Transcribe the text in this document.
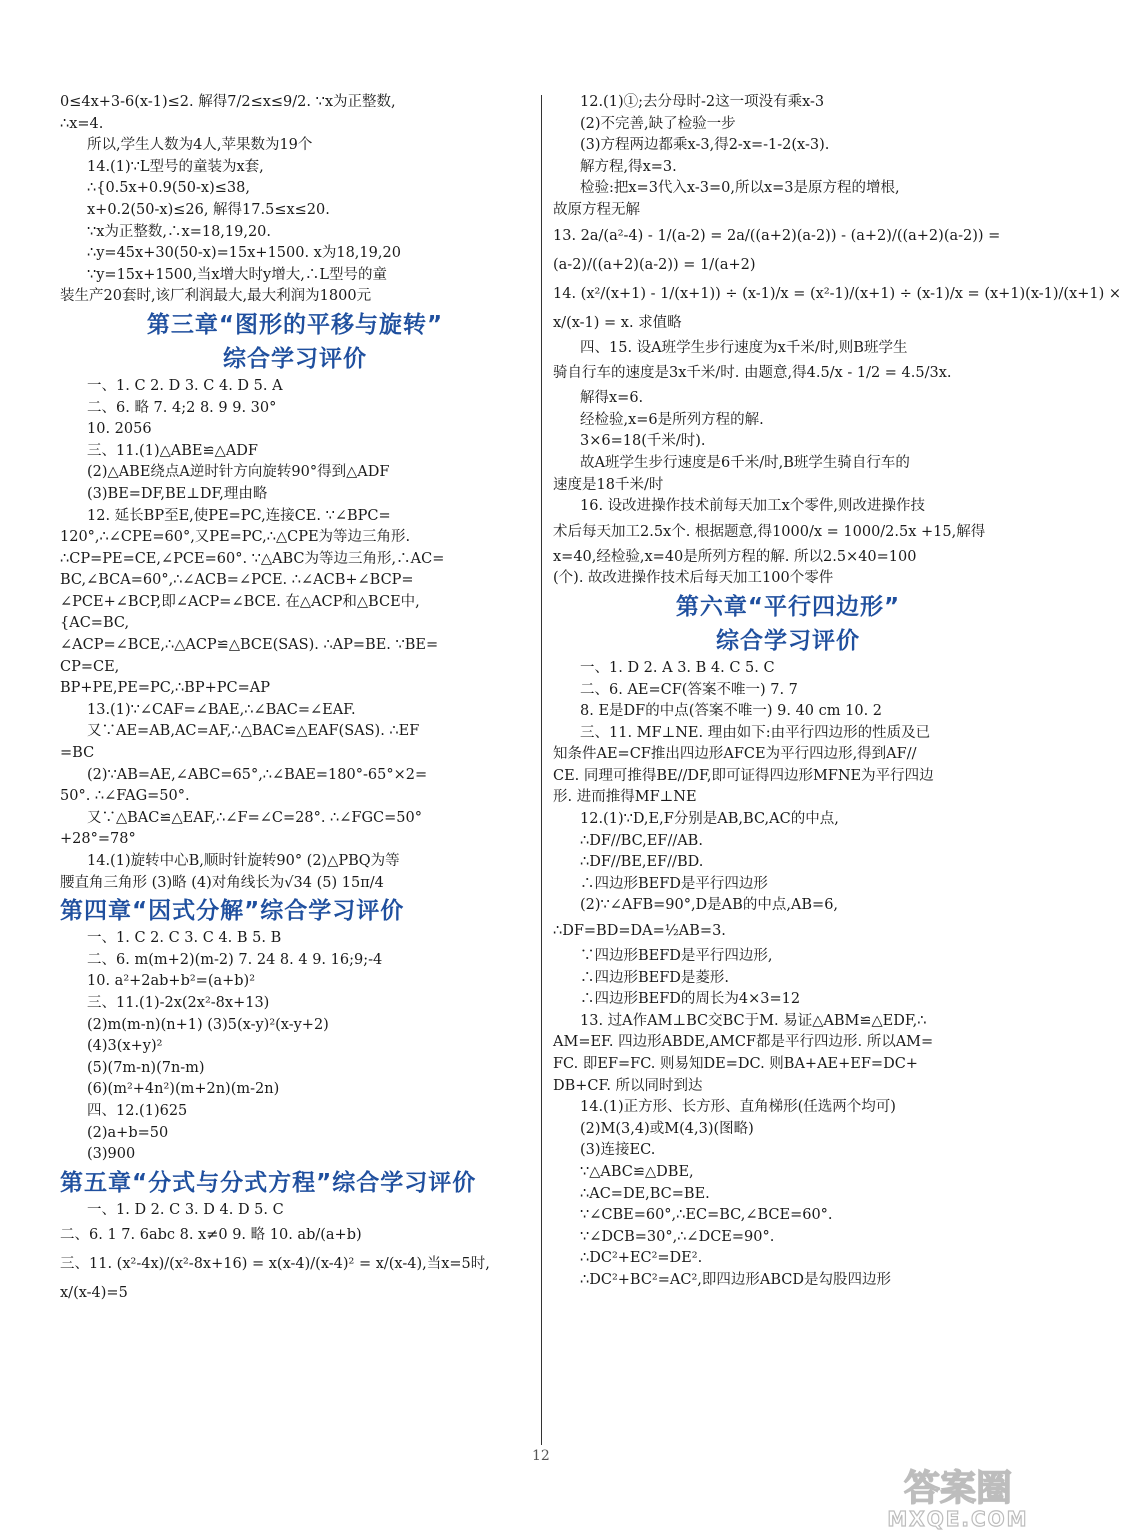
0≤4x+3-6(x-1)≤2. 解得7/2≤x≤9/2. ∵x为正整数,
∴x=4.
所以,学生人数为4人,苹果数为19个
14.(1)∵L型号的童装为x套,
∴{0.5x+0.9(50-x)≤38,
x+0.2(50-x)≤26, 解得17.5≤x≤20.
∵x为正整数,∴x=18,19,20.
∴y=45x+30(50-x)=15x+1500. x为18,19,20
∵y=15x+1500,当x增大时y增大,∴L型号的童
装生产20套时,该厂利润最大,最大利润为1800元
第三章“图形的平移与旋转”
综合学习评价
一、1. C 2. D 3. C 4. D 5. A
二、6. 略 7. 4;2 8. 9 9. 30°
10. 2056
三、11.(1)△ABE≌△ADF
(2)△ABE绕点A逆时针方向旋转90°得到△ADF
(3)BE=DF,BE⊥DF,理由略
12. 延长BP至E,使PE=PC,连接CE. ∵∠BPC=
120°,∴∠CPE=60°,又PE=PC,∴△CPE为等边三角形.
∴CP=PE=CE,∠PCE=60°. ∵△ABC为等边三角形,∴AC=
BC,∠BCA=60°,∴∠ACB=∠PCE. ∴∠ACB+∠BCP=
∠PCE+∠BCP,即∠ACP=∠BCE. 在△ACP和△BCE中,
{AC=BC,
∠ACP=∠BCE,∴△ACP≌△BCE(SAS). ∴AP=BE. ∵BE=
CP=CE,
BP+PE,PE=PC,∴BP+PC=AP
13.(1)∵∠CAF=∠BAE,∴∠BAC=∠EAF.
又∵AE=AB,AC=AF,∴△BAC≌△EAF(SAS). ∴EF
=BC
(2)∵AB=AE,∠ABC=65°,∴∠BAE=180°-65°×2=
50°. ∴∠FAG=50°.
又∵△BAC≌△EAF,∴∠F=∠C=28°. ∴∠FGC=50°
+28°=78°
14.(1)旋转中心B,顺时针旋转90° (2)△PBQ为等
腰直角三角形 (3)略 (4)对角线长为√34 (5) 15π/4
第四章“因式分解”综合学习评价
一、1. C 2. C 3. C 4. B 5. B
二、6. m(m+2)(m-2) 7. 24 8. 4 9. 16;9;-4
10. a²+2ab+b²=(a+b)²
三、11.(1)-2x(2x²-8x+13)
(2)m(m-n)(n+1) (3)5(x-y)²(x-y+2)
(4)3(x+y)²
(5)(7m-n)(7n-m)
(6)(m²+4n²)(m+2n)(m-2n)
四、12.(1)625
(2)a+b=50
(3)900
第五章“分式与分式方程”综合学习评价
一、1. D 2. C 3. D 4. D 5. C
二、6. 1 7. 6abc 8. x≠0 9. 略 10. ab/(a+b)
三、11. (x²-4x)/(x²-8x+16) = x(x-4)/(x-4)² = x/(x-4),当x=5时,
x/(x-4)=5
12.(1)①;去分母时-2这一项没有乘x-3
(2)不完善,缺了检验一步
(3)方程两边都乘x-3,得2-x=-1-2(x-3).
解方程,得x=3.
检验:把x=3代入x-3=0,所以x=3是原方程的增根,
故原方程无解
13. 2a/(a²-4) - 1/(a-2) = 2a/((a+2)(a-2)) - (a+2)/((a+2)(a-2)) =
(a-2)/((a+2)(a-2)) = 1/(a+2)
14. (x²/(x+1) - 1/(x+1)) ÷ (x-1)/x = (x²-1)/(x+1) ÷ (x-1)/x = (x+1)(x-1)/(x+1) ×
x/(x-1) = x. 求值略
四、15. 设A班学生步行速度为x千米/时,则B班学生
骑自行车的速度是3x千米/时. 由题意,得4.5/x - 1/2 = 4.5/3x.
解得x=6.
经检验,x=6是所列方程的解.
3×6=18(千米/时).
故A班学生步行速度是6千米/时,B班学生骑自行车的
速度是18千米/时
16. 设改进操作技术前每天加工x个零件,则改进操作技
术后每天加工2.5x个. 根据题意,得1000/x = 1000/2.5x +15,解得
x=40,经检验,x=40是所列方程的解. 所以2.5×40=100
(个). 故改进操作技术后每天加工100个零件
第六章“平行四边形”
综合学习评价
一、1. D 2. A 3. B 4. C 5. C
二、6. AE=CF(答案不唯一) 7. 7
8. E是DF的中点(答案不唯一) 9. 40 cm 10. 2
三、11. MF⊥NE. 理由如下:由平行四边形的性质及已
知条件AE=CF推出四边形AFCE为平行四边形,得到AF//
CE. 同理可推得BE//DF,即可证得四边形MFNE为平行四边
形. 进而推得MF⊥NE
12.(1)∵D,E,F分别是AB,BC,AC的中点,
∴DF//BC,EF//AB.
∴DF//BE,EF//BD.
∴四边形BEFD是平行四边形
(2)∵∠AFB=90°,D是AB的中点,AB=6,
∴DF=BD=DA=½AB=3.
∵四边形BEFD是平行四边形,
∴四边形BEFD是菱形.
∴四边形BEFD的周长为4×3=12
13. 过A作AM⊥BC交BC于M. 易证△ABM≌△EDF,∴
AM=EF. 四边形ABDE,AMCF都是平行四边形. 所以AM=
FC. 即EF=FC. 则易知DE=DC. 则BA+AE+EF=DC+
DB+CF. 所以同时到达
14.(1)正方形、长方形、直角梯形(任选两个均可)
(2)M(3,4)或M(4,3)(图略)
(3)连接EC.
∵△ABC≌△DBE,
∴AC=DE,BC=BE.
∵∠CBE=60°,∴EC=BC,∠BCE=60°.
∵∠DCB=30°,∴∠DCE=90°.
∴DC²+EC²=DE².
∴DC²+BC²=AC²,即四边形ABCD是勾股四边形
12
答案圈
MXQE.COM
